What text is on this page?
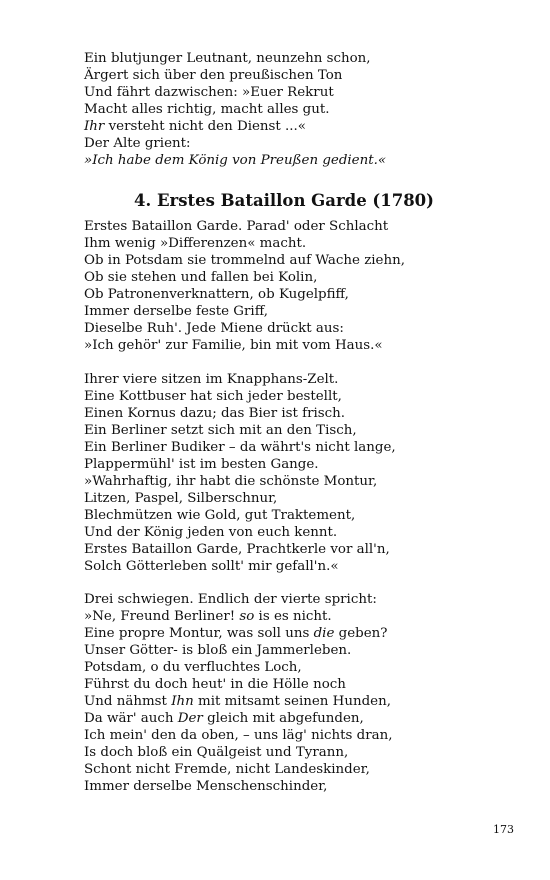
Ein blutjunger Leutnant, neunzehn schon,
Ärgert sich über den preußischen Ton
Und fährt dazwischen: »Euer Rekrut
Macht alles richtig, macht alles gut.
Ihr versteht nicht den Dienst ...«
Der Alte grient:
»Ich habe dem König von Preußen gedient.«
4. Erstes Bataillon Garde (1780)
Erstes Bataillon Garde. Parad' oder Schlacht
Ihm wenig »Differenzen« macht.
Ob in Potsdam sie trommelnd auf Wache ziehn,
Ob sie stehen und fallen bei Kolin,
Ob Patronenverknattern, ob Kugelpfiff,
Immer derselbe feste Griff,
Dieselbe Ruh'. Jede Miene drückt aus:
»Ich gehör' zur Familie, bin mit vom Haus.«
Ihrer viere sitzen im Knapphans-Zelt.
Eine Kottbuser hat sich jeder bestellt,
Einen Kornus dazu; das Bier ist frisch.
Ein Berliner setzt sich mit an den Tisch,
Ein Berliner Budiker – da währt's nicht lange,
Plappermühl' ist im besten Gange.
»Wahrhaftig, ihr habt die schönste Montur,
Litzen, Paspel, Silberschnur,
Blechmützen wie Gold, gut Traktement,
Und der König jeden von euch kennt.
Erstes Bataillon Garde, Prachtkerle vor all'n,
Solch Götterleben sollt' mir gefall'n.«
Drei schwiegen. Endlich der vierte spricht:
»Ne, Freund Berliner! so is es nicht.
Eine propre Montur, was soll uns die geben?
Unser Götter- is bloß ein Jammerleben.
Potsdam, o du verfluchtes Loch,
Führst du doch heut' in die Hölle noch
Und nähmst Ihn mit mitsamt seinen Hunden,
Da wär' auch Der gleich mit abgefunden,
Ich mein' den da oben, – uns läg' nichts dran,
Is doch bloß ein Quälgeist und Tyrann,
Schont nicht Fremde, nicht Landeskinder,
Immer derselbe Menschenschinder,
173
